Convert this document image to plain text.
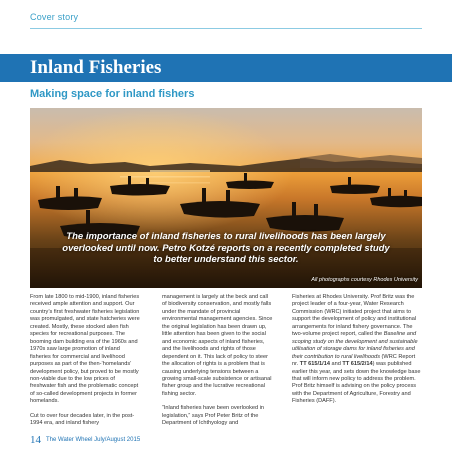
Cover story
Inland Fisheries
Making space for inland fishers
The importance of inland fisheries to rural livelihoods has been largely overlooked until now. Petro Kotzé reports on a recently completed study to better understand this sector.
All photographs courtesy Rhodes University

From late 1800 to mid-1900, inland fisheries received ample attention and support. Our country’s first freshwater fisheries legislation was promulgated, and state hatcheries were created. Mostly, these stocked alien fish species for recreational purposes. The booming dam building era of the 1960s and 1970s saw large promotion of inland fisheries for commercial and livelihood purposes as part of the then-‘homelands’ development policy, but proved to be mostly non-viable due to the low prices of freshwater fish and the problematic concept of so-called development projects in former homelands.

Cut to over four decades later, in the post-1994 era, and inland fishery

management is largely at the beck and call of biodiversity conservation, and mostly falls under the mandate of provincial environmental management agencies. Since the original legislation has been drawn up, little attention has been given to the social and economic aspects of inland fisheries, and the livelihoods and rights of those dependent on it. This lack of policy to steer the allocation of rights is a problem that is causing underlying tensions between a growing small-scale subsistence or artisanal fisher group and the lucrative recreational fishing sector.

“Inland fisheries have been overlooked in legislation,” says Prof Peter Britz of the Department of Ichthyology and

Fisheries at Rhodes University. Prof Britz was the project leader of a four-year, Water Research Commission (WRC) initiated project that aims to support the development of policy and institutional arrangements for inland fishery governance. The two-volume project report, called the Baseline and scoping study on the development and sustainable utilisation of storage dams for inland fisheries and their contribution to rural livelihoods (WRC Report nr. TT 615/1/14 and TT 615/2/14) was published earlier this year, and sets down the knowledge base that will inform new policy to address the problem. Prof Britz himself is advising on the policy process with the Department of Agriculture, Forestry and Fisheries (DAFF).

14 The Water Wheel July/August 2015
